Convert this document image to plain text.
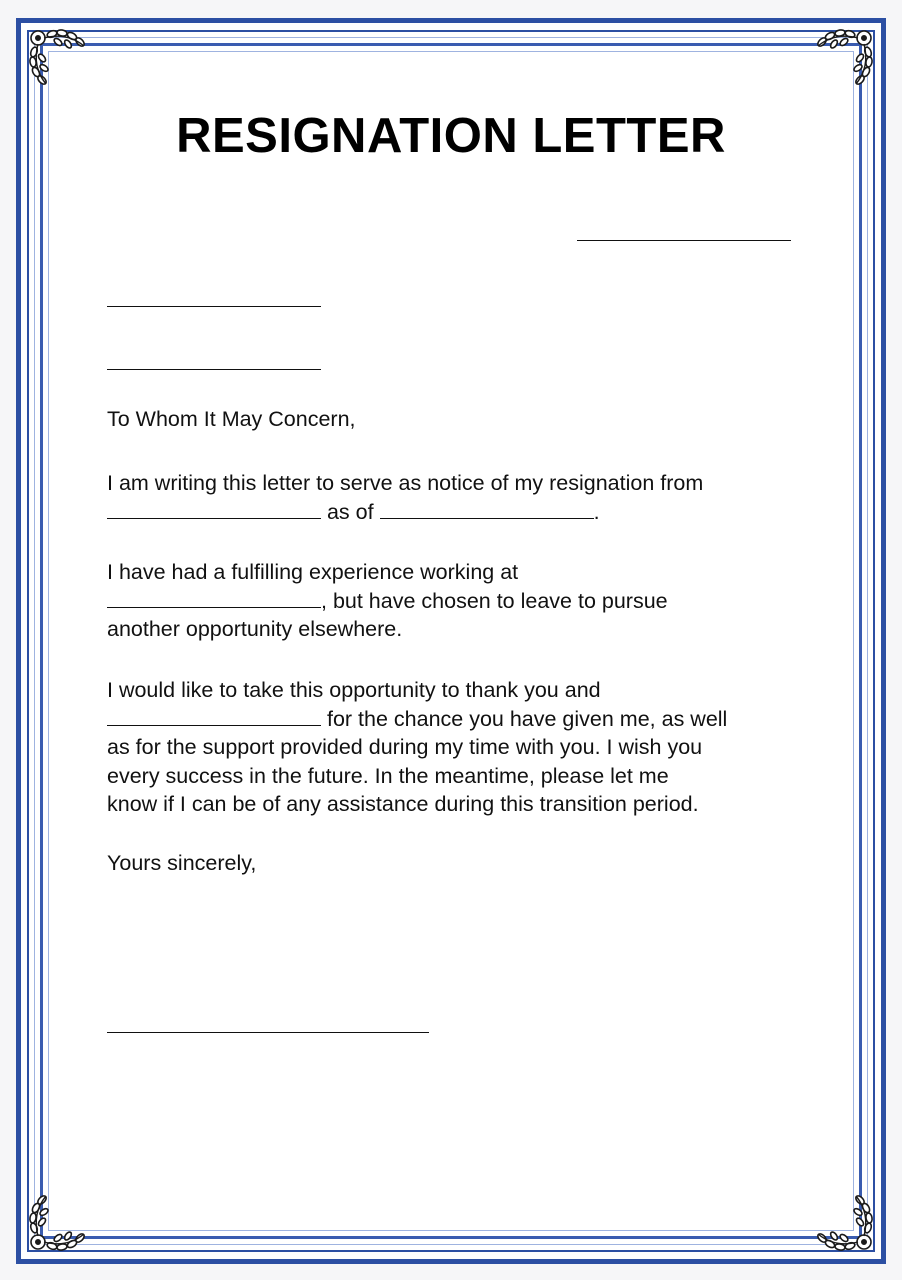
RESIGNATION LETTER
To Whom It May Concern,
I am writing this letter to serve as notice of my resignation from
as of	.
I have had a fulfilling experience working at
, but have chosen to leave to pursue
another opportunity elsewhere.
I would like to take this opportunity to thank you and
for the chance you have given me, as well
as for the support provided during my time with you. I wish you
every success in the future. In the meantime, please let me
know if I can be of any assistance during this transition period.
Yours sincerely,
